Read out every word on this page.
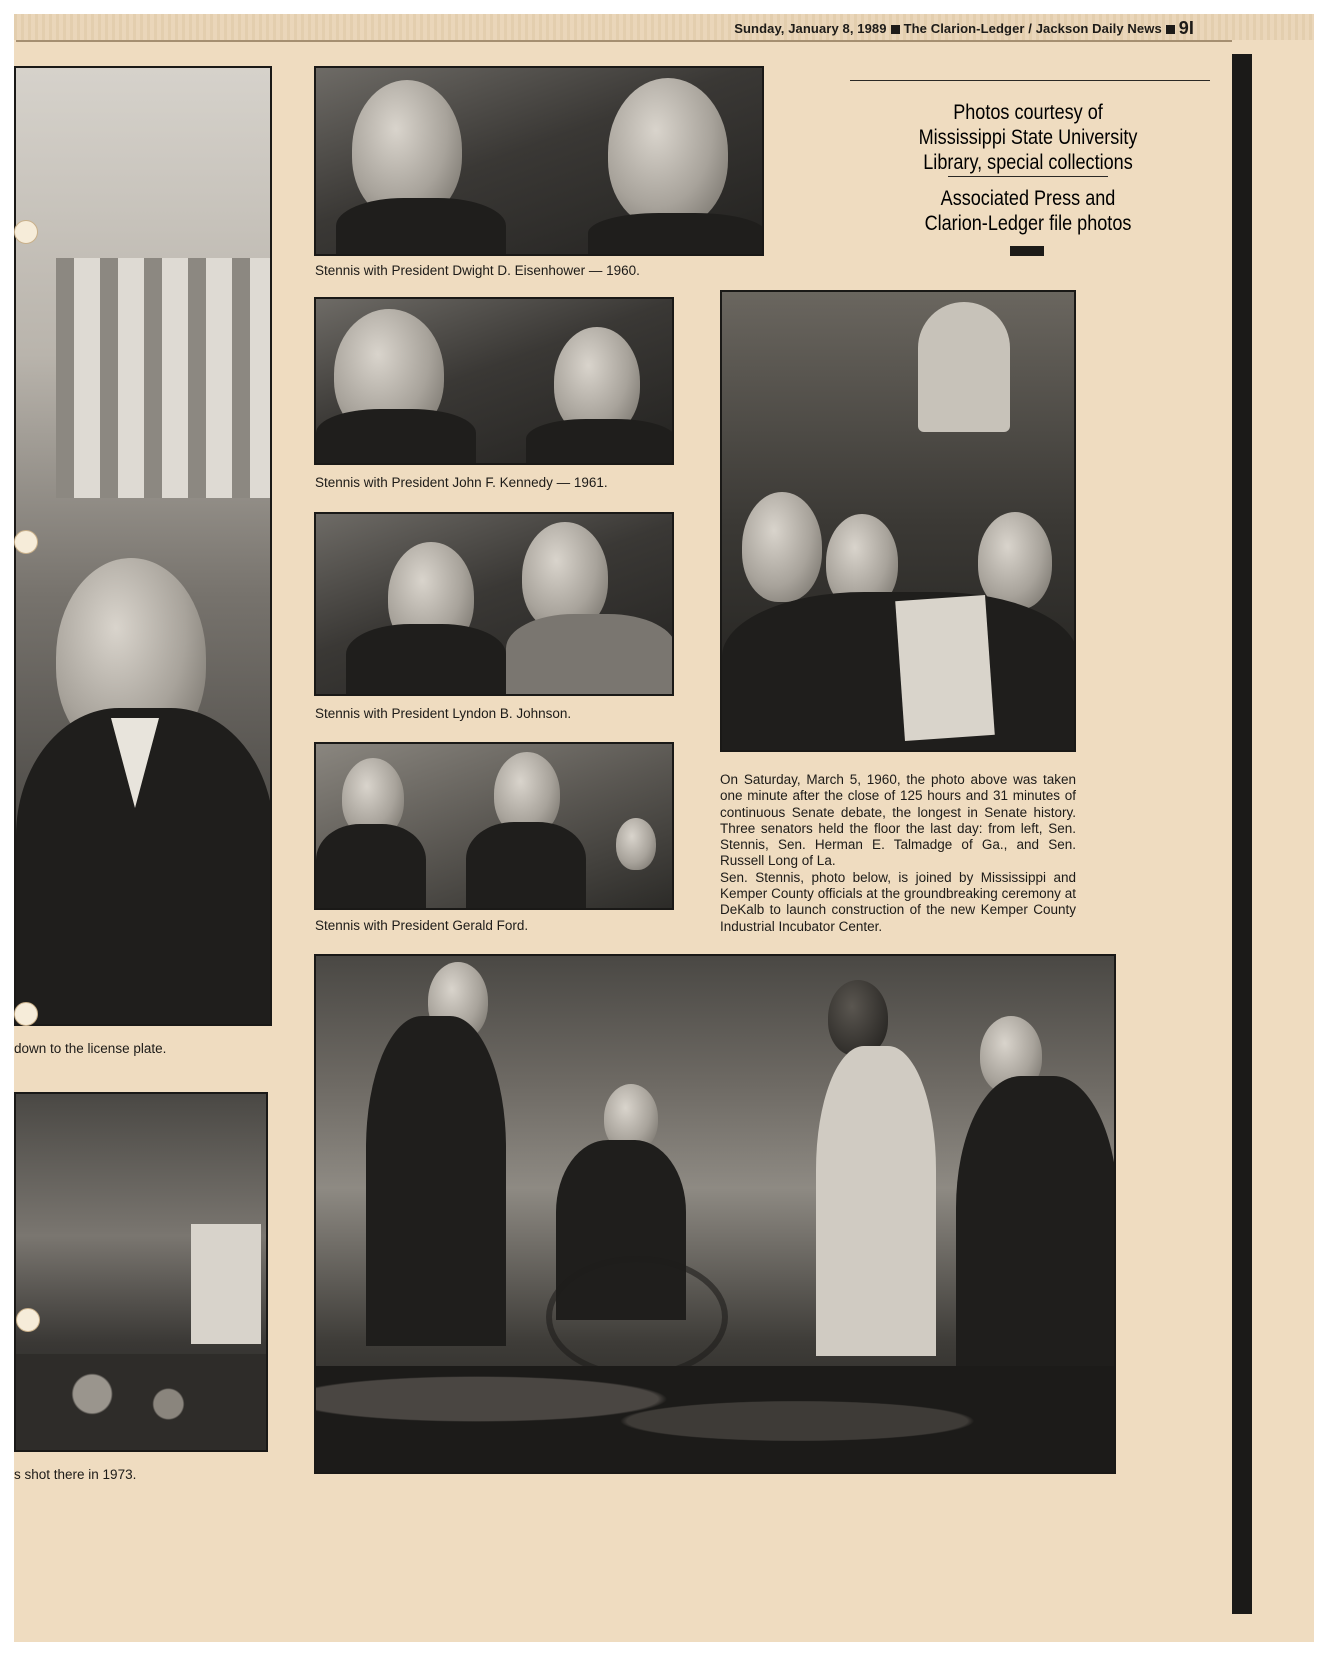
Sunday, January 8, 1989 The Clarion-Ledger / Jackson Daily News 9I
down to the license plate.
s shot there in 1973.
Stennis with President Dwight D. Eisenhower — 1960.
Stennis with President John F. Kennedy — 1961.
Stennis with President Lyndon B. Johnson.
Stennis with President Gerald Ford.
Photos courtesy of Mississippi State University Library, special collections
Associated Press and Clarion-Ledger file photos

On Saturday, March 5, 1960, the photo above was taken one minute after the close of 125 hours and 31 minutes of continuous Senate debate, the longest in Senate history. Three senators held the floor the last day: from left, Sen. Stennis, Sen. Herman E. Talmadge of Ga., and Sen. Russell Long of La.

Sen. Stennis, photo below, is joined by Mississippi and Kemper County officials at the groundbreaking ceremony at DeKalb to launch construction of the new Kemper County Industrial Incubator Center.
